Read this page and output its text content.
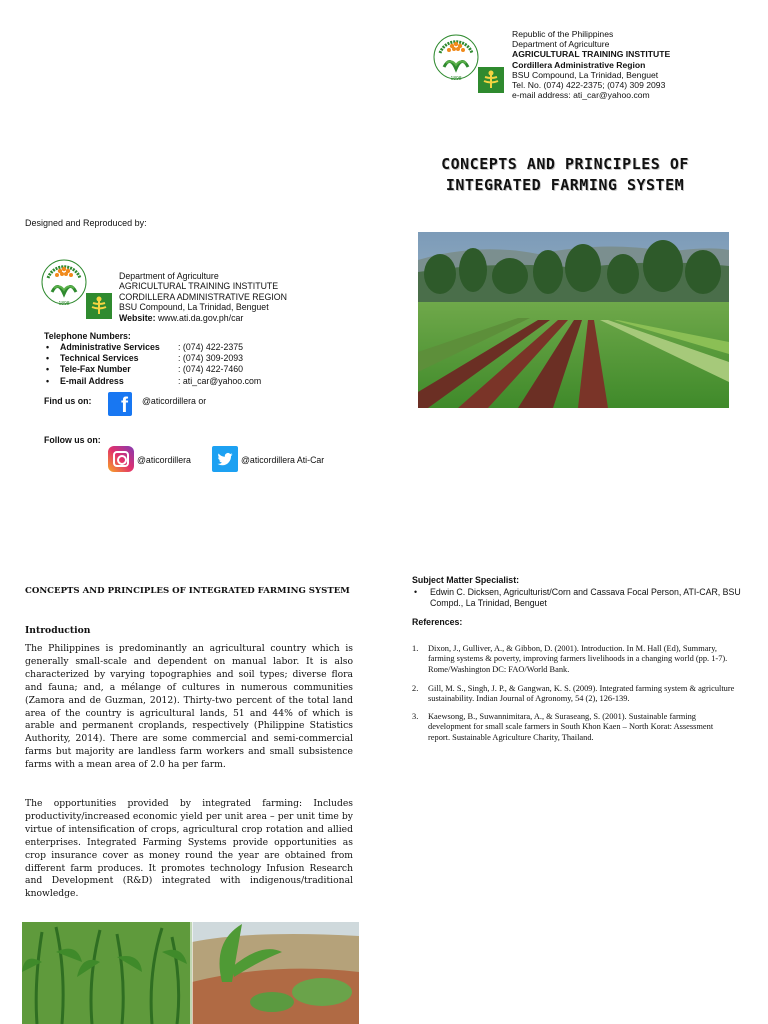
1898
Republic of the Philippines
Department of Agriculture
AGRICULTURAL TRAINING INSTITUTE
Cordillera Administrative Region
BSU Compound, La Trinidad, Benguet
Tel. No. (074) 422-2375; (074) 309 2093
e-mail address: ati_car@yahoo.com
CONCEPTS AND PRINCIPLES OF
INTEGRATED FARMING SYSTEM
Designed and Reproduced by:
1898
Department of Agriculture
AGRICULTURAL TRAINING INSTITUTE
CORDILLERA ADMINISTRATIVE REGION
BSU Compound, La Trinidad, Benguet
Website: www.ati.da.gov.ph/car
Telephone Numbers:
• Administrative Services	: (074) 422-2375
• Technical Services	: (074) 309-2093
• Tele-Fax Number	: (074) 422-7460
• E-mail Address	: ati_car@yahoo.com
Find us on: f @aticordillera or
Follow us on:
@aticordillera	@aticordillera Ati-Car
CONCEPTS AND PRINCIPLES OF INTEGRATED FARMING SYSTEM
Introduction
The Philippines is predominantly an agricultural country which is generally small-scale and dependent on manual labor. It is also characterized by varying topographies and soil types; diverse flora and fauna; and, a mélange of cultures in numerous communities (Zamora and de Guzman, 2012). Thirty-two percent of the total land area of the country is agricultural lands, 51 and 44% of which is arable and permanent croplands, respectively (Philippine Statistics Authority, 2014). There are some commercial and semi-commercial farms but majority are landless farm workers and small subsistence farms with a mean area of 2.0 ha per farm.
The opportunities provided by integrated farming: Includes productivity/increased economic yield per unit area – per unit time by virtue of intensification of crops, agricultural crop rotation and allied enterprises. Integrated Farming Systems provide opportunities as crop insurance cover as money round the year are obtained from different farm produces. It promotes technology Infusion Research and Development (R&D) integrated with indigenous/traditional knowledge.
Subject Matter Specialist:
•	Edwin C. Dicksen, Agriculturist/Corn and Cassava Focal Person, ATI-CAR, BSU Compd., La Trinidad, Benguet
References:
1.	Dixon, J., Gulliver, A., & Gibbon, D. (2001). Introduction. In M. Hall (Ed), Summary, farming systems & poverty, improving farmers livelihoods in a changing world (pp. 1-7). Rome/Washington DC: FAO/World Bank.
2.	Gill, M. S., Singh, J. P., & Gangwan, K. S. (2009). Integrated farming system & agriculture sustainability. Indian Journal of Agronomy, 54 (2), 126-139.
3.	Kaewsong, B., Suwannimitara, A., & Suraseang, S. (2001). Sustainable farming development for small scale farmers in South Khon Kaen – North Korat: Assessment report. Sustainable Agriculture Charity, Thailand.
